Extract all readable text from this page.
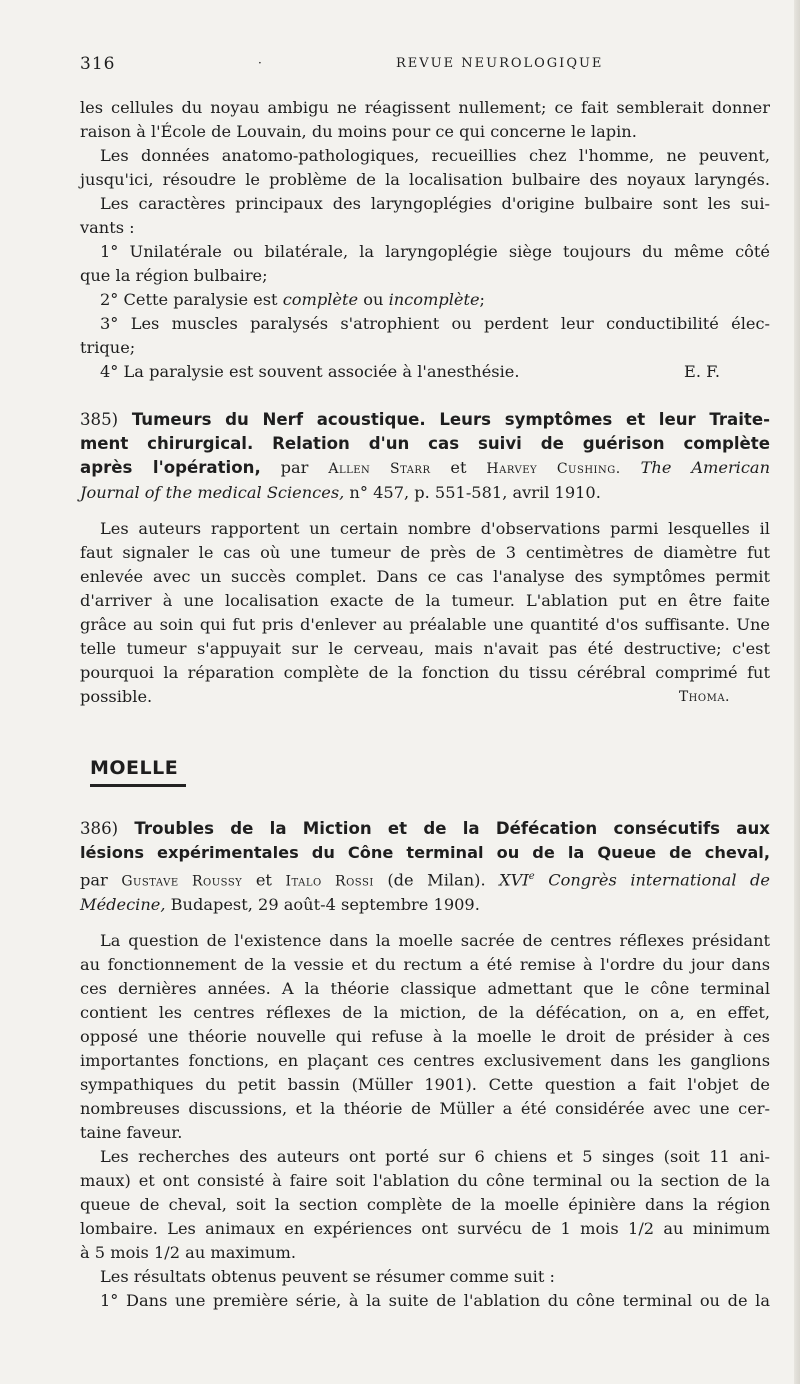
316	·	REVUE NEUROLOGIQUE
les cellules du noyau ambigu ne réagissent nullement; ce fait semblerait donner
raison à l'École de Louvain, du moins pour ce qui concerne le lapin.
Les données anatomo-pathologiques, recueillies chez l'homme, ne peuvent,
jusqu'ici, résoudre le problème de la localisation bulbaire des noyaux laryngés.
Les caractères principaux des laryngoplégies d'origine bulbaire sont les sui-
vants :
1° Unilatérale ou bilatérale, la laryngoplégie siège toujours du même côté
que la région bulbaire;
2° Cette paralysie est complète ou incomplète;
3° Les muscles paralysés s'atrophient ou perdent leur conductibilité élec-
trique;
4° La paralysie est souvent associée à l'anesthésie.	E. F.
385) Tumeurs du Nerf acoustique. Leurs symptômes et leur Traite-
ment chirurgical. Relation d'un cas suivi de guérison complète
après l'opération, par Allen Starr et Harvey Cushing. The American
Journal of the medical Sciences, n° 457, p. 551-581, avril 1910.
Les auteurs rapportent un certain nombre d'observations parmi lesquelles il
faut signaler le cas où une tumeur de près de 3 centimètres de diamètre fut
enlevée avec un succès complet. Dans ce cas l'analyse des symptômes permit
d'arriver à une localisation exacte de la tumeur. L'ablation put en être faite
grâce au soin qui fut pris d'enlever au préalable une quantité d'os suffisante. Une
telle tumeur s'appuyait sur le cerveau, mais n'avait pas été destructive; c'est
pourquoi la réparation complète de la fonction du tissu cérébral comprimé fut
possible.	Thoma.
MOELLE
386) Troubles de la Miction et de la Défécation consécutifs aux
lésions expérimentales du Cône terminal ou de la Queue de cheval,
par Gustave Roussy et Italo Rossi (de Milan). XVIe Congrès international de
Médecine, Budapest, 29 août-4 septembre 1909.
La question de l'existence dans la moelle sacrée de centres réflexes présidant
au fonctionnement de la vessie et du rectum a été remise à l'ordre du jour dans
ces dernières années. A la théorie classique admettant que le cône terminal
contient les centres réflexes de la miction, de la défécation, on a, en effet,
opposé une théorie nouvelle qui refuse à la moelle le droit de présider à ces
importantes fonctions, en plaçant ces centres exclusivement dans les ganglions
sympathiques du petit bassin (Müller 1901). Cette question a fait l'objet de
nombreuses discussions, et la théorie de Müller a été considérée avec une cer-
taine faveur.
Les recherches des auteurs ont porté sur 6 chiens et 5 singes (soit 11 ani-
maux) et ont consisté à faire soit l'ablation du cône terminal ou la section de la
queue de cheval, soit la section complète de la moelle épinière dans la région
lombaire. Les animaux en expériences ont survécu de 1 mois 1/2 au minimum
à 5 mois 1/2 au maximum.
Les résultats obtenus peuvent se résumer comme suit :
1° Dans une première série, à la suite de l'ablation du cône terminal ou de la
